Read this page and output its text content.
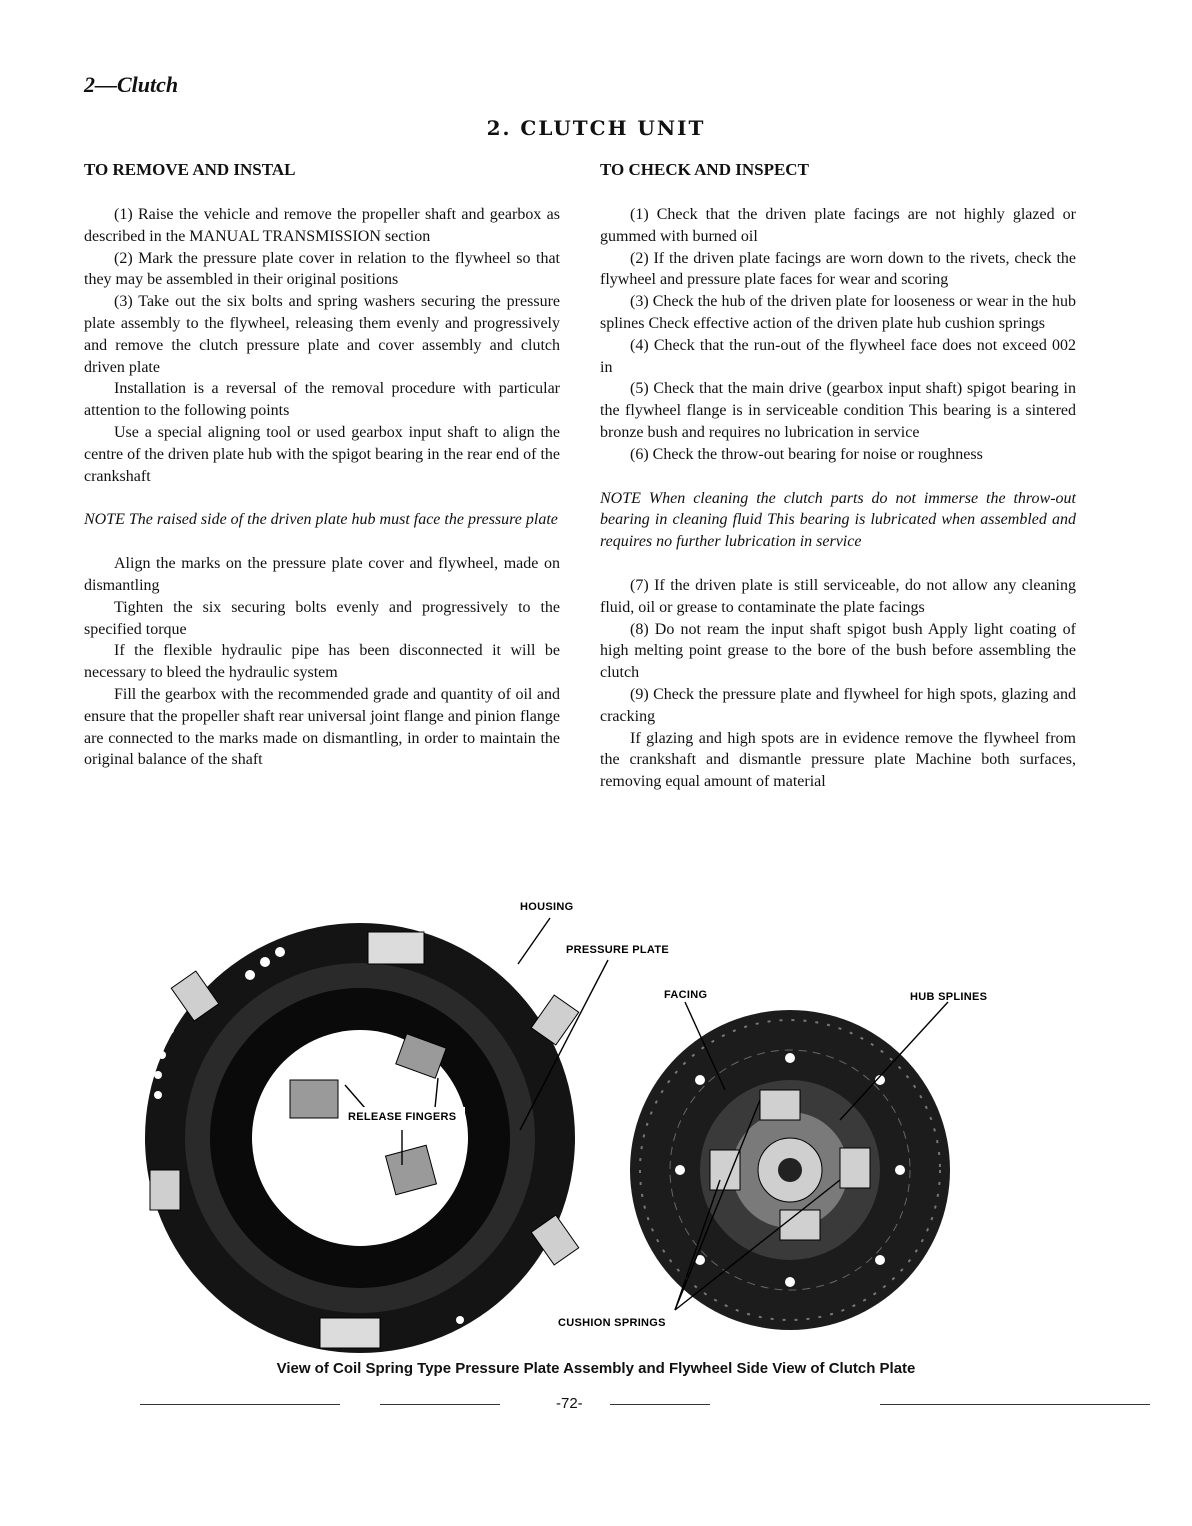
2—Clutch
2. CLUTCH UNIT
TO REMOVE AND INSTAL

(1) Raise the vehicle and remove the propeller shaft and gearbox as described in the MANUAL TRANSMISSION section

(2) Mark the pressure plate cover in relation to the flywheel so that they may be assembled in their original positions

(3) Take out the six bolts and spring washers securing the pressure plate assembly to the flywheel, releasing them evenly and progressively and remove the clutch pressure plate and cover assembly and clutch driven plate

Installation is a reversal of the removal procedure with particular attention to the following points

Use a special aligning tool or used gearbox input shaft to align the centre of the driven plate hub with the spigot bearing in the rear end of the crankshaft

NOTE The raised side of the driven plate hub must face the pressure plate

Align the marks on the pressure plate cover and flywheel, made on dismantling

Tighten the six securing bolts evenly and progressively to the specified torque

If the flexible hydraulic pipe has been disconnected it will be necessary to bleed the hydraulic system

Fill the gearbox with the recommended grade and quantity of oil and ensure that the propeller shaft rear universal joint flange and pinion flange are connected to the marks made on dismantling, in order to maintain the original balance of the shaft

TO CHECK AND INSPECT

(1) Check that the driven plate facings are not highly glazed or gummed with burned oil

(2) If the driven plate facings are worn down to the rivets, check the flywheel and pressure plate faces for wear and scoring

(3) Check the hub of the driven plate for looseness or wear in the hub splines Check effective action of the driven plate hub cushion springs

(4) Check that the run-out of the flywheel face does not exceed 002 in

(5) Check that the main drive (gearbox input shaft) spigot bearing in the flywheel flange is in serviceable condition This bearing is a sintered bronze bush and requires no lubrication in service

(6) Check the throw-out bearing for noise or roughness

NOTE When cleaning the clutch parts do not immerse the throw-out bearing in cleaning fluid This bearing is lubricated when assembled and requires no further lubrication in service

(7) If the driven plate is still serviceable, do not allow any cleaning fluid, oil or grease to contaminate the plate facings

(8) Do not ream the input shaft spigot bush Apply light coating of high melting point grease to the bore of the bush before assembling the clutch

(9) Check the pressure plate and flywheel for high spots, glazing and cracking

If glazing and high spots are in evidence remove the flywheel from the crankshaft and dismantle pressure plate Machine both surfaces, removing equal amount of material

HOUSING
PRESSURE PLATE
FACING	HUB SPLINES
RELEASE FINGERS
CUSHION SPRINGS
View of Coil Spring Type Pressure Plate Assembly and Flywheel Side View of Clutch Plate
-72-
